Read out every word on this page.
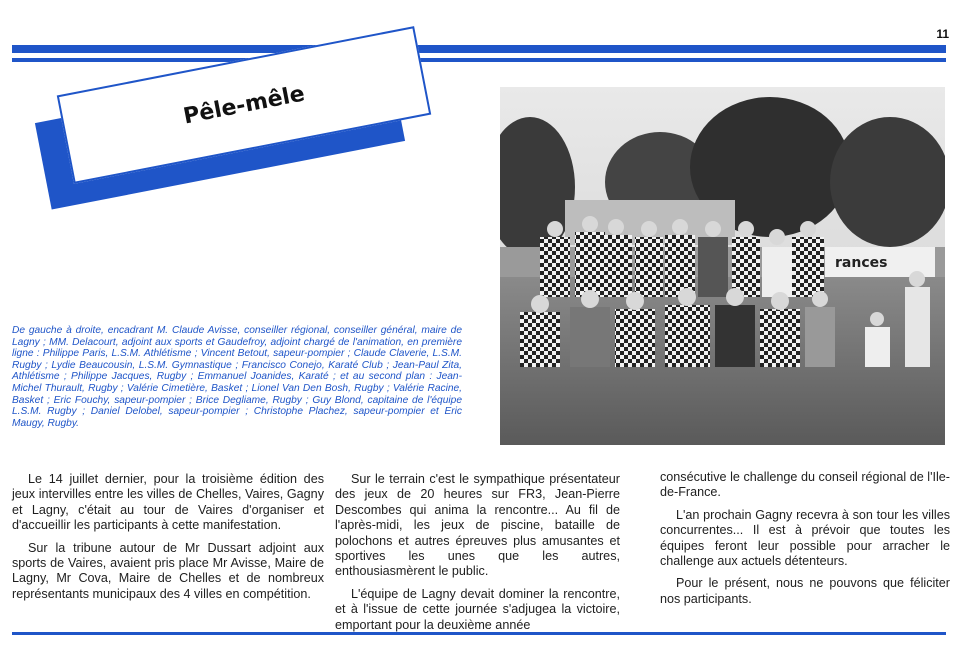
11
Pêle-mêle
rances

De gauche à droite, encadrant M. Claude Avisse, conseiller régional, conseiller général, maire de Lagny ; MM. Delacourt, adjoint aux sports et Gaudefroy, adjoint chargé de l'animation, en première ligne : Philippe Paris, L.S.M. Athlétisme ; Vincent Betout, sapeur-pompier ; Claude Claverie, L.S.M. Rugby ; Lydie Beaucousin, L.S.M. Gymnastique ; Francisco Conejo, Karaté Club ; Jean-Paul Zita, Athlétisme ; Philippe Jacques, Rugby ; Emmanuel Joanides, Karaté ; et au second plan : Jean-Michel Thurault, Rugby ; Valérie Cimetière, Basket ; Lionel Van Den Bosh, Rugby ; Valérie Racine, Basket ; Eric Fouchy, sapeur-pompier ; Brice Degliame, Rugby ; Guy Blond, capitaine de l'équipe L.S.M. Rugby ; Daniel Delobel, sapeur-pompier ; Christophe Plachez, sapeur-pompier et Eric Maugy, Rugby.

Le 14 juillet dernier, pour la troisième édition des jeux intervilles entre les villes de Chelles, Vaires, Gagny et Lagny, c'était au tour de Vaires d'organiser et d'accueillir les participants à cette manifestation.

Sur la tribune autour de Mr Dussart adjoint aux sports de Vaires, avaient pris place Mr Avisse, Maire de Lagny, Mr Cova, Maire de Chelles et de nombreux représentants municipaux des 4 villes en compétition.

Sur le terrain c'est le sympathique présentateur des jeux de 20 heures sur FR3, Jean-Pierre Descombes qui anima la rencontre... Au fil de l'après-midi, les jeux de piscine, bataille de polochons et autres épreuves plus amusantes et sportives les unes que les autres, enthousiasmèrent le public.

L'équipe de Lagny devait dominer la rencontre, et à l'issue de cette journée s'adjugea la victoire, emportant pour la deuxième année

consécutive le challenge du conseil régional de l'Ile-de-France.

L'an prochain Gagny recevra à son tour les villes concurrentes... Il est à prévoir que toutes les équipes feront leur possible pour arracher le challenge aux actuels détenteurs.

Pour le présent, nous ne pouvons que féliciter nos participants.
